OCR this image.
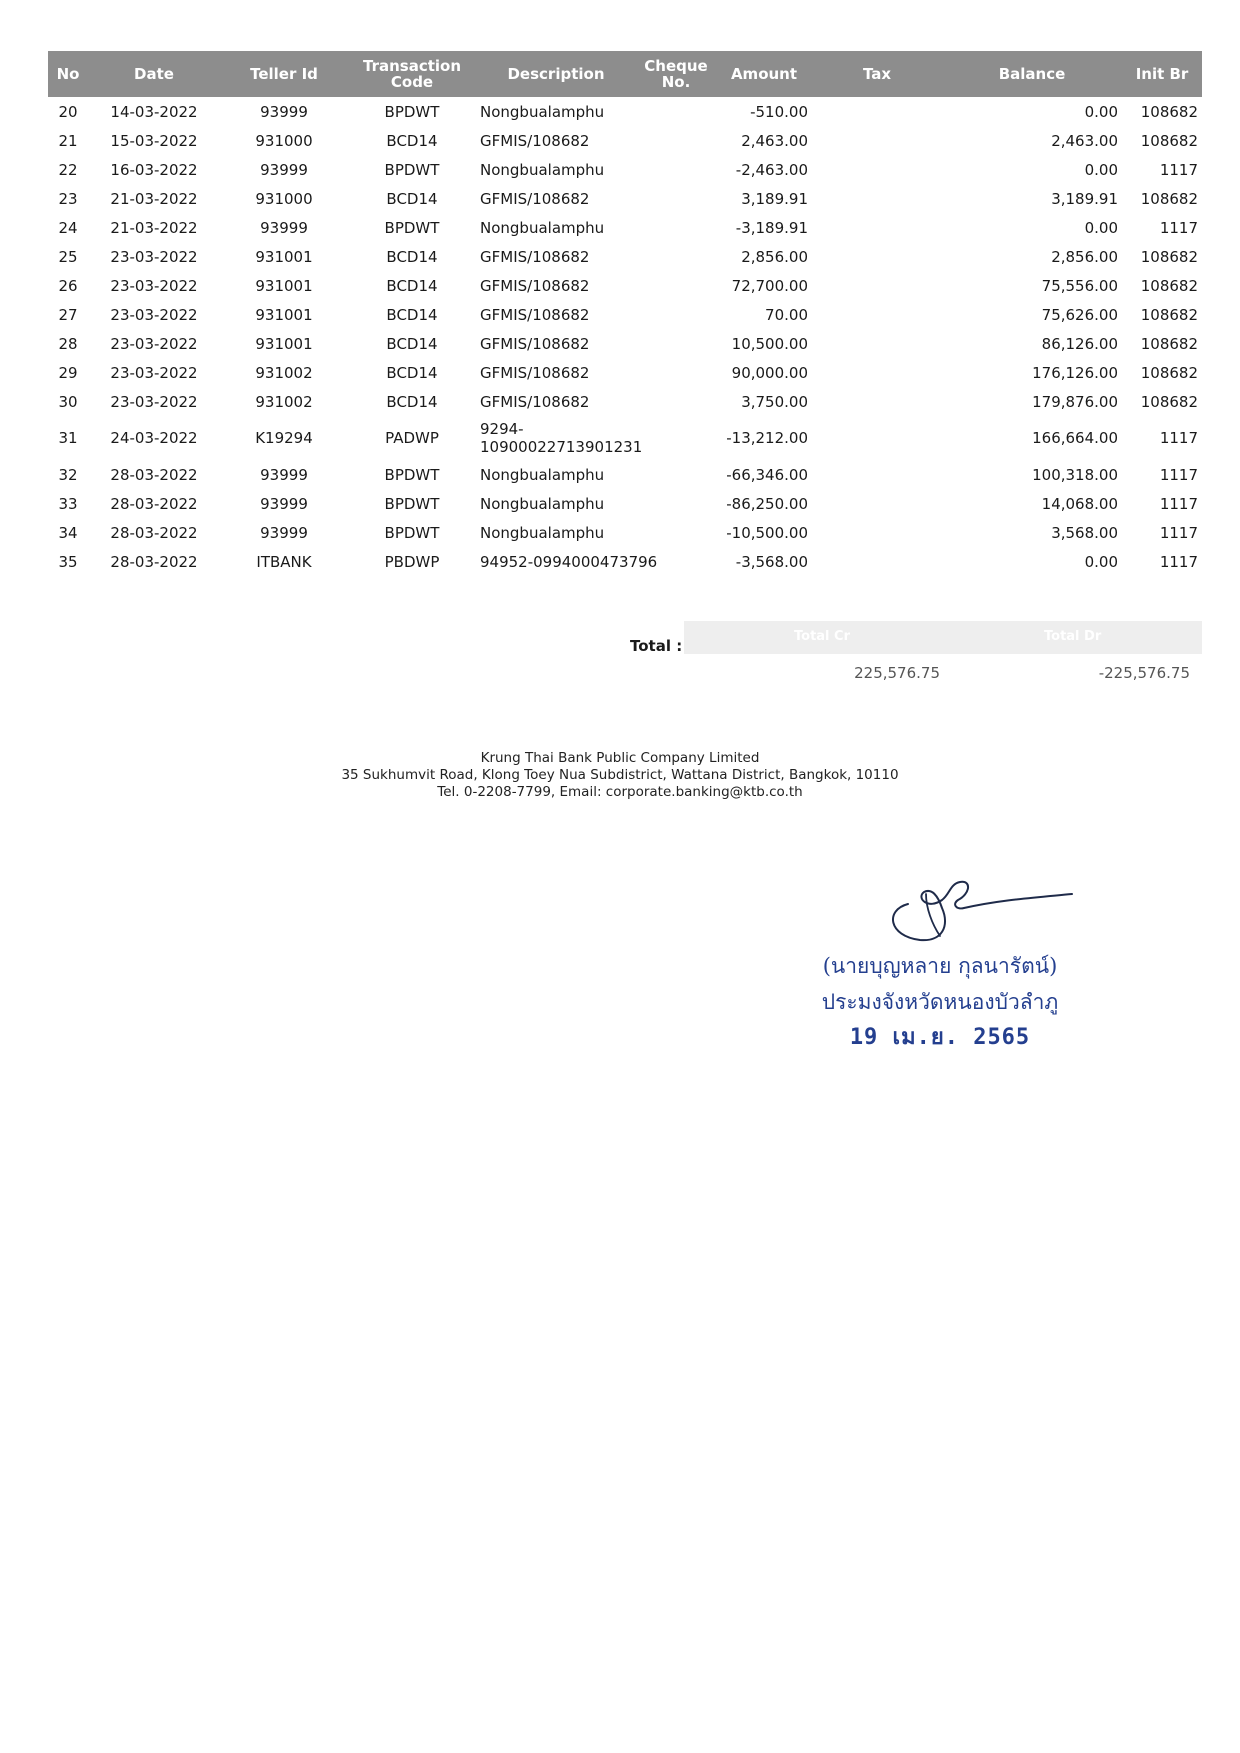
No	Date	Teller Id	Transaction Code	Description	Cheque No.	Amount	Tax	Balance	Init Br
20	14-03-2022	93999	BPDWT	Nongbualamphu		-510.00		0.00	108682
21	15-03-2022	931000	BCD14	GFMIS/108682		2,463.00		2,463.00	108682
22	16-03-2022	93999	BPDWT	Nongbualamphu		-2,463.00		0.00	1117
23	21-03-2022	931000	BCD14	GFMIS/108682		3,189.91		3,189.91	108682
24	21-03-2022	93999	BPDWT	Nongbualamphu		-3,189.91		0.00	1117
25	23-03-2022	931001	BCD14	GFMIS/108682		2,856.00		2,856.00	108682
26	23-03-2022	931001	BCD14	GFMIS/108682		72,700.00		75,556.00	108682
27	23-03-2022	931001	BCD14	GFMIS/108682		70.00		75,626.00	108682
28	23-03-2022	931001	BCD14	GFMIS/108682		10,500.00		86,126.00	108682
29	23-03-2022	931002	BCD14	GFMIS/108682		90,000.00		176,126.00	108682
30	23-03-2022	931002	BCD14	GFMIS/108682		3,750.00		179,876.00	108682
31	24-03-2022	K19294	PADWP	9294-10900022713901231		-13,212.00		166,664.00	1117
32	28-03-2022	93999	BPDWT	Nongbualamphu		-66,346.00		100,318.00	1117
33	28-03-2022	93999	BPDWT	Nongbualamphu		-86,250.00		14,068.00	1117
34	28-03-2022	93999	BPDWT	Nongbualamphu		-10,500.00		3,568.00	1117
35	28-03-2022	ITBANK	PBDWP	94952-0994000473796		-3,568.00		0.00	1117
Total :
Total Cr	Total Dr
225,576.75	-225,576.75
Krung Thai Bank Public Company Limited
35 Sukhumvit Road, Klong Toey Nua Subdistrict, Wattana District, Bangkok, 10110
Tel. 0-2208-7799, Email: corporate.banking@ktb.co.th
(นายบุญหลาย กุลนารัตน์)
ประมงจังหวัดหนองบัวลำภู
19 เม.ย. 2565
